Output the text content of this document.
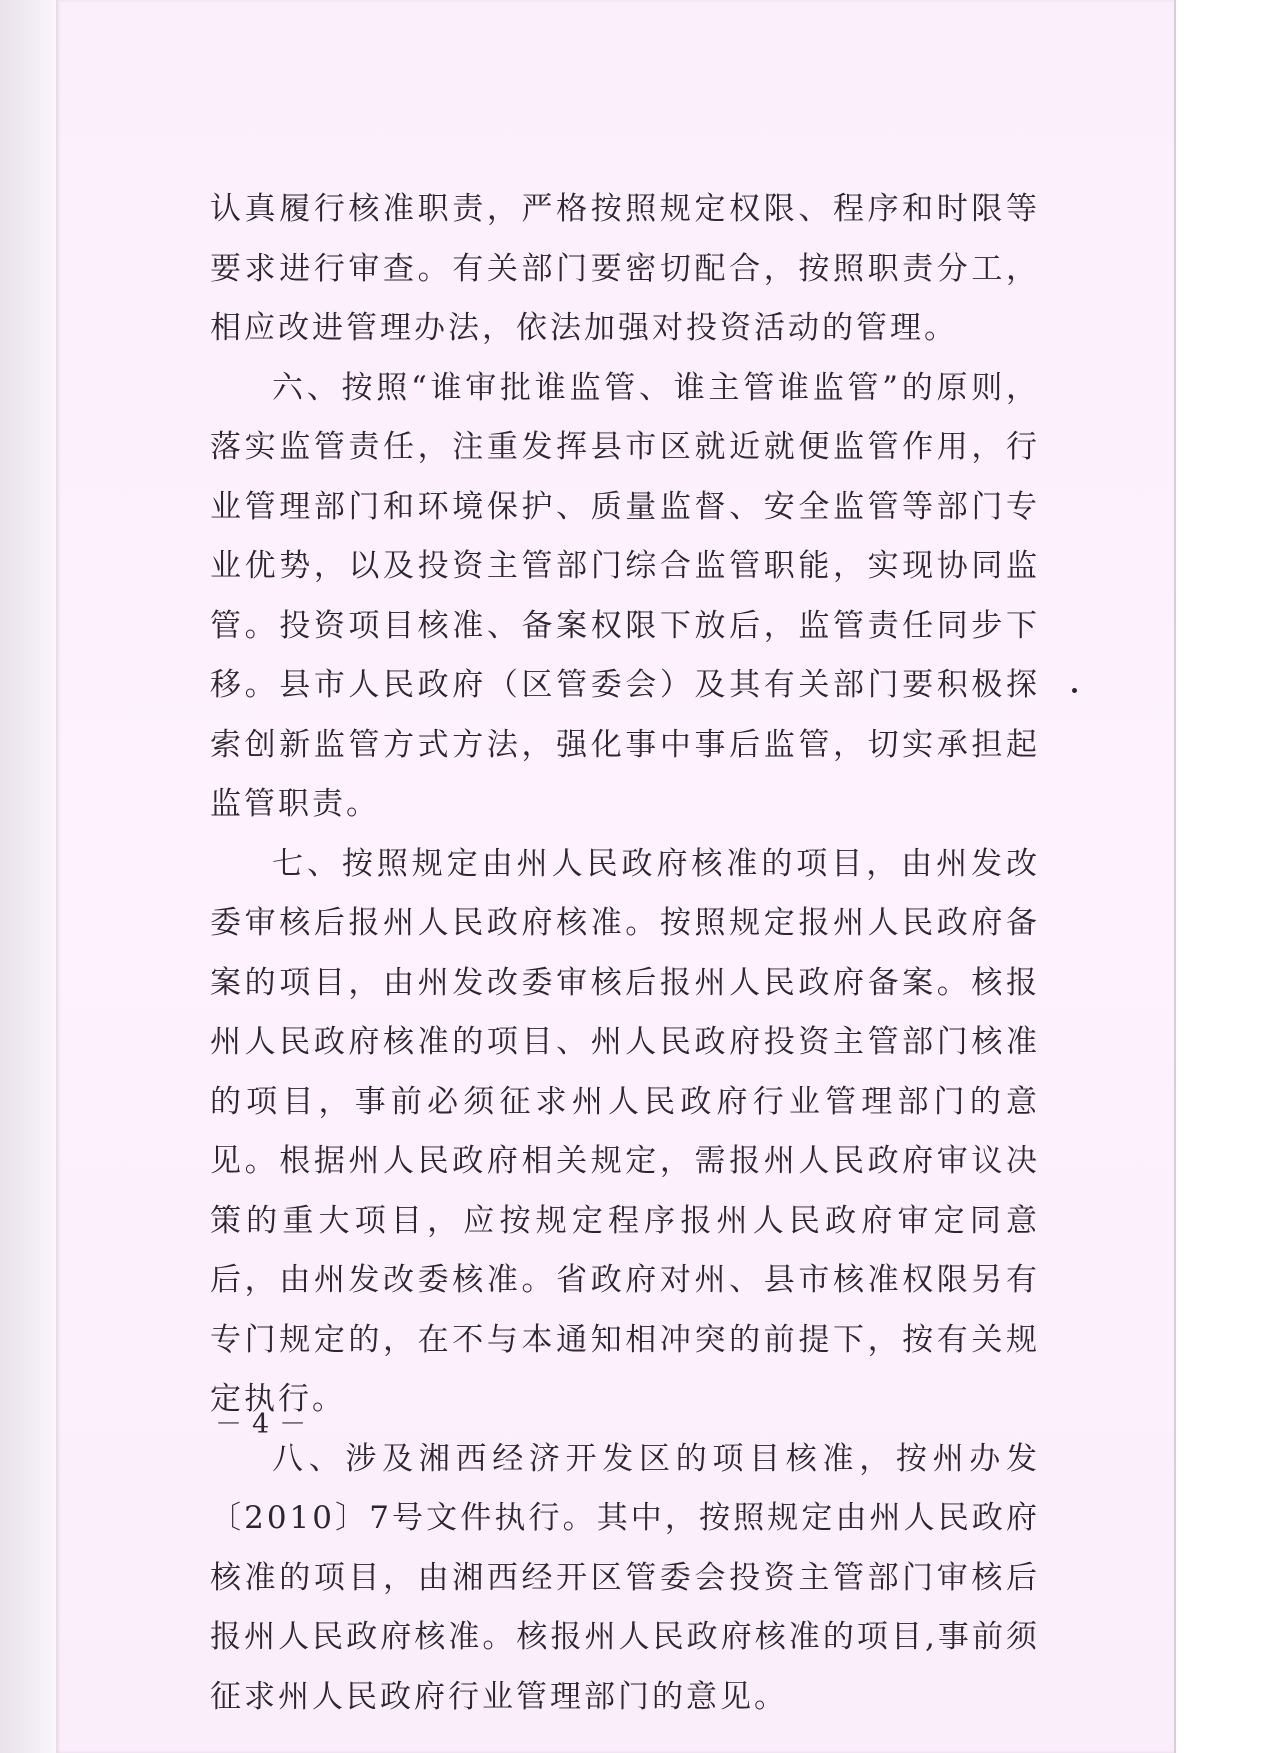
认真履行核准职责，严格按照规定权限、程序和时限等要求进行审查。有关部门要密切配合，按照职责分工，相应改进管理办法，依法加强对投资活动的管理。

六、按照“谁审批谁监管、谁主管谁监管”的原则，落实监管责任，注重发挥县市区就近就便监管作用，行业管理部门和环境保护、质量监督、安全监管等部门专业优势，以及投资主管部门综合监管职能，实现协同监管。投资项目核准、备案权限下放后，监管责任同步下移。县市人民政府（区管委会）及其有关部门要积极探索创新监管方式方法，强化事中事后监管，切实承担起监管职责。

七、按照规定由州人民政府核准的项目，由州发改委审核后报州人民政府核准。按照规定报州人民政府备案的项目，由州发改委审核后报州人民政府备案。核报州人民政府核准的项目、州人民政府投资主管部门核准的项目，事前必须征求州人民政府行业管理部门的意见。根据州人民政府相关规定，需报州人民政府审议决策的重大项目，应按规定程序报州人民政府审定同意后，由州发改委核准。省政府对州、县市核准权限另有专门规定的，在不与本通知相冲突的前提下，按有关规定执行。

八、涉及湘西经济开发区的项目核准，按州办发〔2010〕7号文件执行。其中，按照规定由州人民政府核准的项目，由湘西经开区管委会投资主管部门审核后报州人民政府核准。核报州人民政府核准的项目,事前须征求州人民政府行业管理部门的意见。

－4－
